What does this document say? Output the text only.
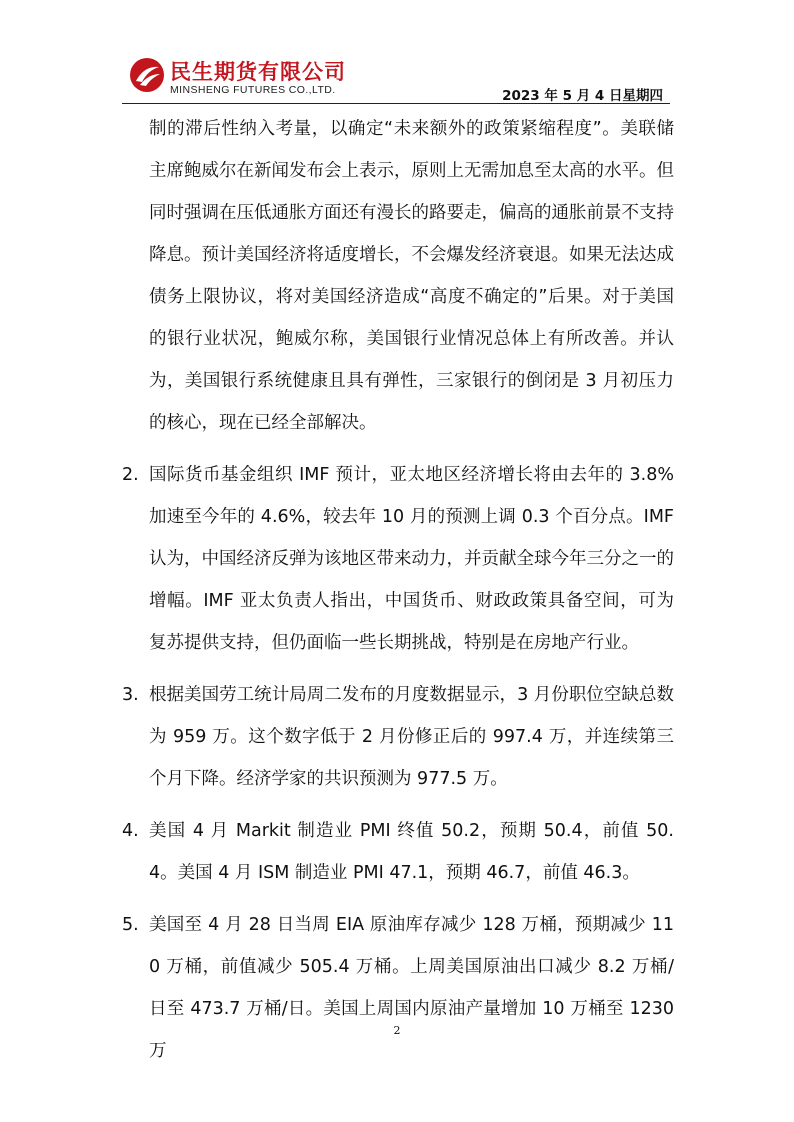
民生期货有限公司
MINSHENG FUTURES CO.,LTD.	2023 年 5 月 4 日星期四
制的滞后性纳入考量，以确定“未来额外的政策紧缩程度”。美联储主席鲍威尔在新闻发布会上表示，原则上无需加息至太高的水平。但同时强调在压低通胀方面还有漫长的路要走，偏高的通胀前景不支持降息。预计美国经济将适度增长，不会爆发经济衰退。如果无法达成债务上限协议，将对美国经济造成“高度不确定的”后果。对于美国的银行业状况，鲍威尔称，美国银行业情况总体上有所改善。并认为，美国银行系统健康且具有弹性，三家银行的倒闭是 3 月初压力的核心，现在已经全部解决。
2. 国际货币基金组织 IMF 预计，亚太地区经济增长将由去年的 3.8%加速至今年的 4.6%，较去年 10 月的预测上调 0.3 个百分点。IMF 认为，中国经济反弹为该地区带来动力，并贡献全球今年三分之一的增幅。IMF 亚太负责人指出，中国货币、财政政策具备空间，可为复苏提供支持，但仍面临一些长期挑战，特别是在房地产行业。
3. 根据美国劳工统计局周二发布的月度数据显示，3 月份职位空缺总数为 959 万。这个数字低于 2 月份修正后的 997.4 万，并连续第三个月下降。经济学家的共识预测为 977.5 万。
4. 美国 4 月 Markit 制造业 PMI 终值 50.2，预期 50.4，前值 50.4。美国 4 月 ISM 制造业 PMI 47.1，预期 46.7，前值 46.3。
5. 美国至 4 月 28 日当周 EIA 原油库存减少 128 万桶，预期减少 110 万桶，前值减少 505.4 万桶。上周美国原油出口减少 8.2 万桶/日至 473.7 万桶/日。美国上周国内原油产量增加 10 万桶至 1230 万
2
